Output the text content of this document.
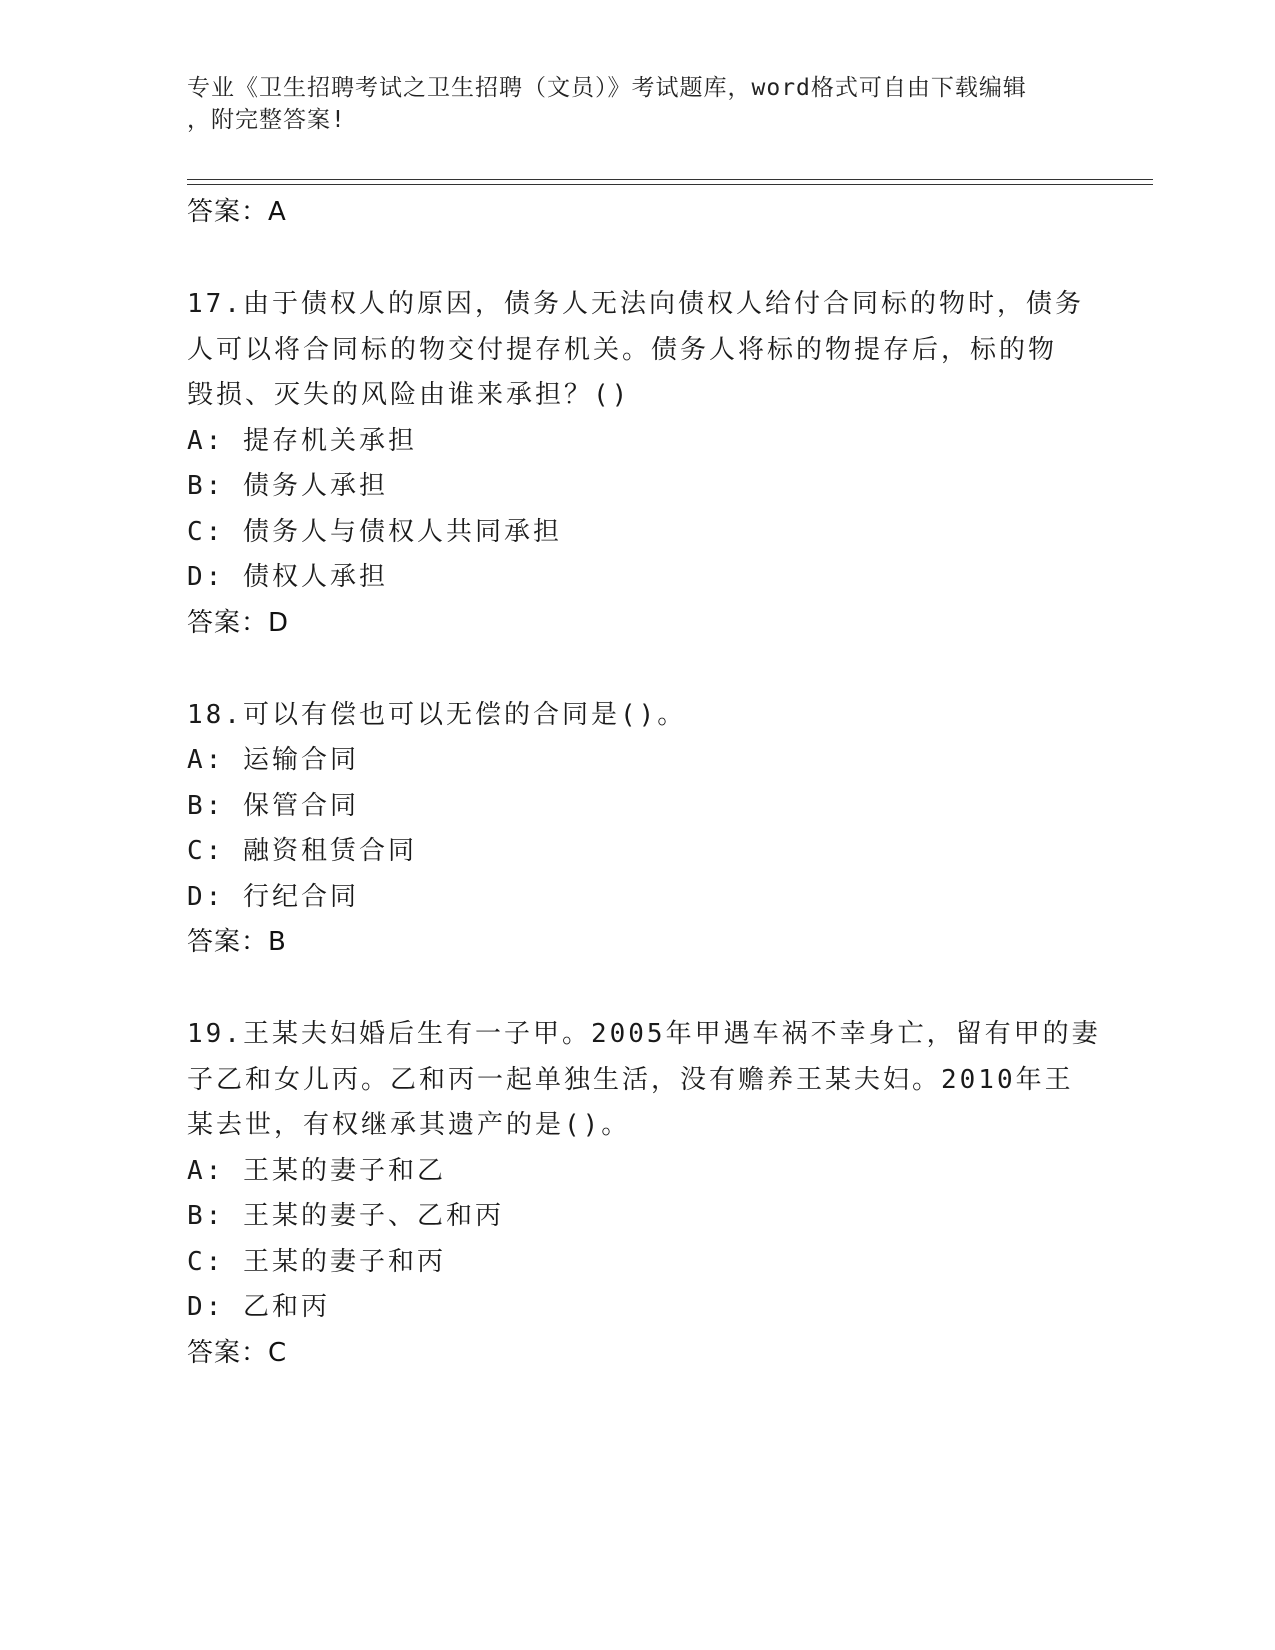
专业《卫生招聘考试之卫生招聘（文员）》考试题库，word格式可自由下载编辑
，附完整答案!
答案：A
17.由于债权人的原因，债务人无法向债权人给付合同标的物时，债务
人可以将合同标的物交付提存机关。债务人将标的物提存后，标的物
毁损、灭失的风险由谁来承担？()
A: 提存机关承担
B: 债务人承担
C: 债务人与债权人共同承担
D: 债权人承担
答案：D
18.可以有偿也可以无偿的合同是()。
A: 运输合同
B: 保管合同
C: 融资租赁合同
D: 行纪合同
答案：B
19.王某夫妇婚后生有一子甲。2005年甲遇车祸不幸身亡，留有甲的妻
子乙和女儿丙。乙和丙一起单独生活，没有赡养王某夫妇。2010年王
某去世，有权继承其遗产的是()。
A: 王某的妻子和乙
B: 王某的妻子、乙和丙
C: 王某的妻子和丙
D: 乙和丙
答案：C
